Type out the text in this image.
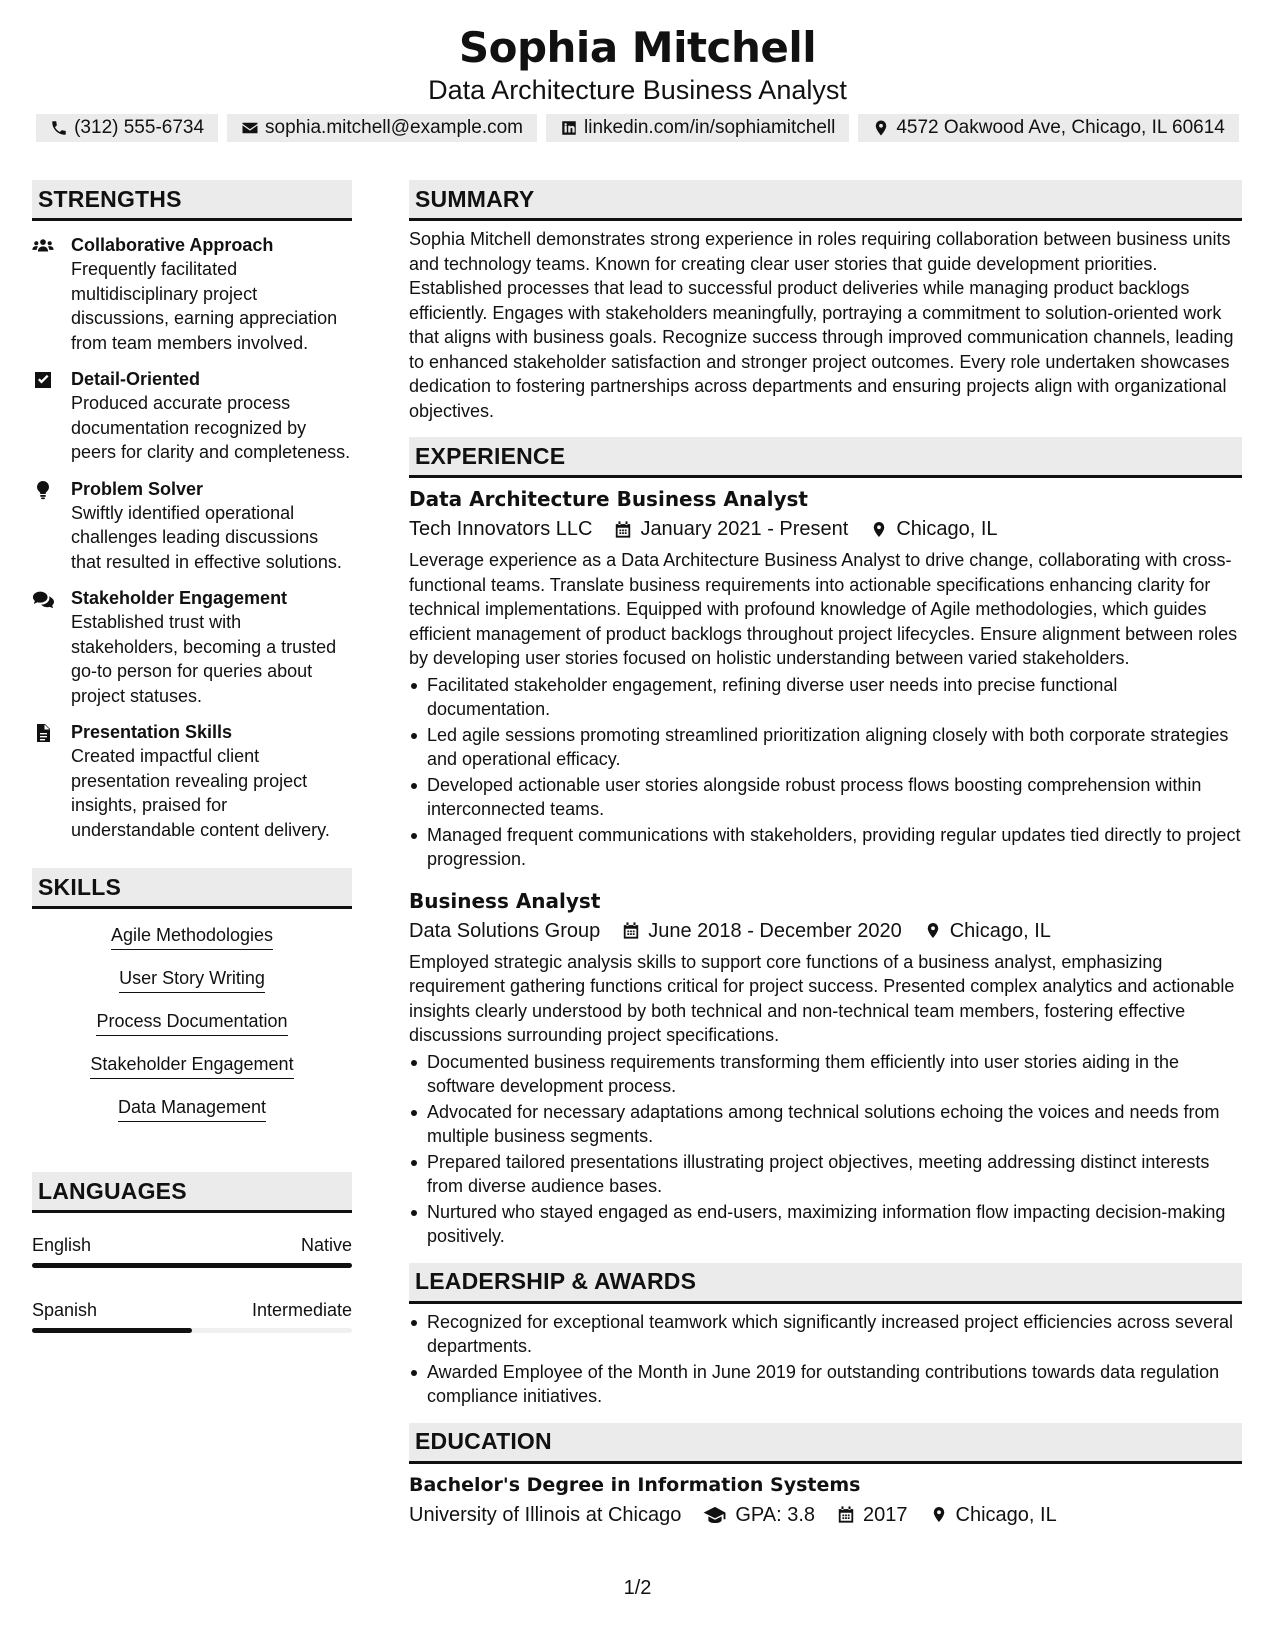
Sophia Mitchell
Data Architecture Business Analyst
(312) 555-6734	sophia.mitchell@example.com	linkedin.com/in/sophiamitchell	4572 Oakwood Ave, Chicago, IL 60614
STRENGTHS
Collaborative Approach
Frequently facilitated multidisciplinary project discussions, earning appreciation from team members involved.
Detail-Oriented
Produced accurate process documentation recognized by peers for clarity and completeness.
Problem Solver
Swiftly identified operational challenges leading discussions that resulted in effective solutions.
Stakeholder Engagement
Established trust with stakeholders, becoming a trusted go-to person for queries about project statuses.
Presentation Skills
Created impactful client presentation revealing project insights, praised for understandable content delivery.
SKILLS
Agile Methodologies
User Story Writing
Process Documentation
Stakeholder Engagement
Data Management
LANGUAGES
English	Native
Spanish	Intermediate
SUMMARY
Sophia Mitchell demonstrates strong experience in roles requiring collaboration between business units and technology teams. Known for creating clear user stories that guide development priorities. Established processes that lead to successful product deliveries while managing product backlogs efficiently. Engages with stakeholders meaningfully, portraying a commitment to solution-oriented work that aligns with business goals. Recognize success through improved communication channels, leading to enhanced stakeholder satisfaction and stronger project outcomes. Every role undertaken showcases dedication to fostering partnerships across departments and ensuring projects align with organizational objectives.
EXPERIENCE
Data Architecture Business Analyst
Tech Innovators LLC January 2021 - Present Chicago, IL
Leverage experience as a Data Architecture Business Analyst to drive change, collaborating with cross-functional teams. Translate business requirements into actionable specifications enhancing clarity for technical implementations. Equipped with profound knowledge of Agile methodologies, which guides efficient management of product backlogs throughout project lifecycles. Ensure alignment between roles by developing user stories focused on holistic understanding between varied stakeholders.
Facilitated stakeholder engagement, refining diverse user needs into precise functional documentation.
Led agile sessions promoting streamlined prioritization aligning closely with both corporate strategies and operational efficacy.
Developed actionable user stories alongside robust process flows boosting comprehension within interconnected teams.
Managed frequent communications with stakeholders, providing regular updates tied directly to project progression.
Business Analyst
Data Solutions Group June 2018 - December 2020 Chicago, IL
Employed strategic analysis skills to support core functions of a business analyst, emphasizing requirement gathering functions critical for project success. Presented complex analytics and actionable insights clearly understood by both technical and non-technical team members, fostering effective discussions surrounding project specifications.
Documented business requirements transforming them efficiently into user stories aiding in the software development process.
Advocated for necessary adaptations among technical solutions echoing the voices and needs from multiple business segments.
Prepared tailored presentations illustrating project objectives, meeting addressing distinct interests from diverse audience bases.
Nurtured who stayed engaged as end-users, maximizing information flow impacting decision-making positively.
LEADERSHIP & AWARDS
Recognized for exceptional teamwork which significantly increased project efficiencies across several departments.
Awarded Employee of the Month in June 2019 for outstanding contributions towards data regulation compliance initiatives.
EDUCATION
Bachelor's Degree in Information Systems
University of Illinois at Chicago	GPA: 3.8 2017 Chicago, IL
1/2
